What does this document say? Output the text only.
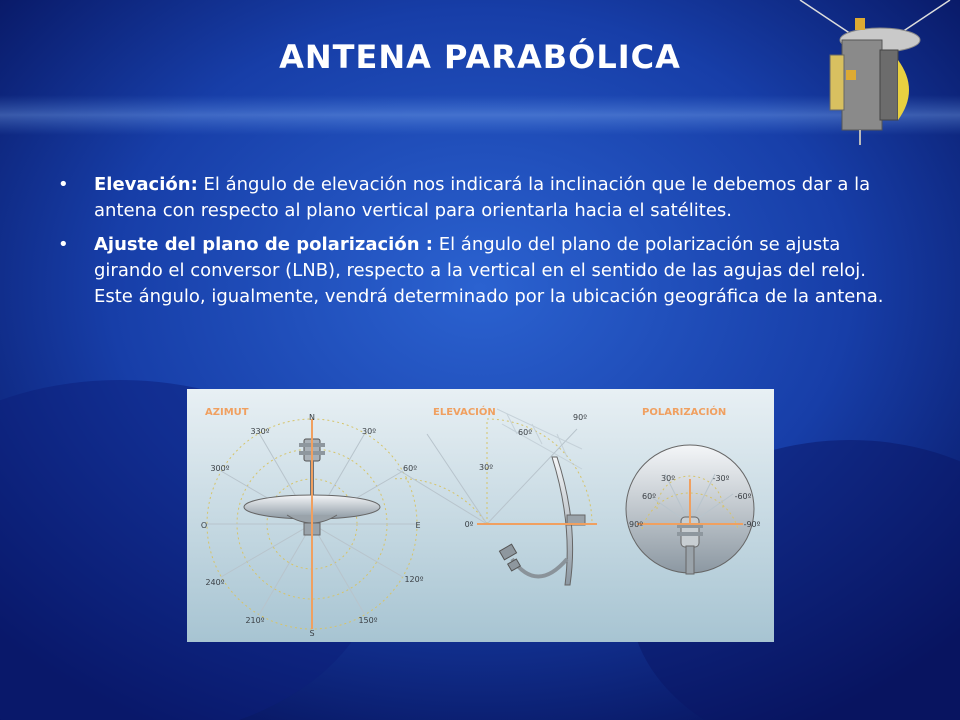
ANTENA PARABÓLICA
• Elevación: El ángulo de elevación nos indicará la inclinación que le debemos dar a la antena con respecto al plano vertical para orientarla hacia el satélites.
• Ajuste del plano de polarización : El ángulo del plano de polarización se ajusta girando el conversor (LNB), respecto a la vertical en el sentido de las agujas del reloj. Este ángulo, igualmente, vendrá determinado por la ubicación geográfica de la antena.
AZIMUT	N
E
S
O
330º	30º
300º	60º
240º	120º
210º	150º
ELEVACIÓN	90º
60º
30º
0º
POLARIZACIÓN
30º	-30º
60º	-60º
90º	-90º
